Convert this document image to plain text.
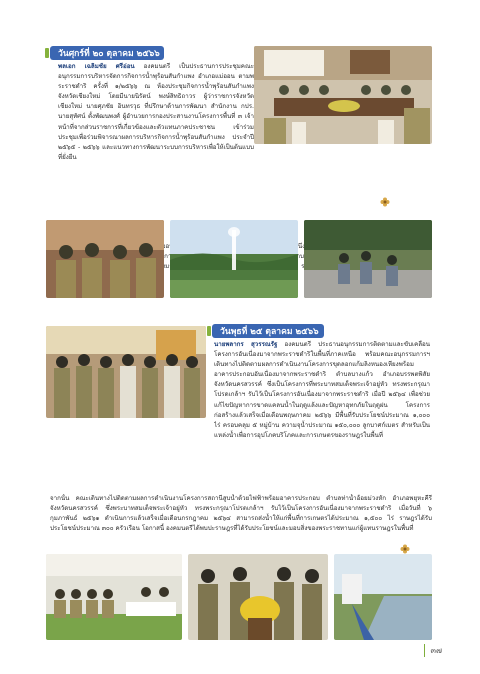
วันศุกร์ที่ ๒๐ ตุลาคม ๒๕๖๖
พลเอก เฉลิมชัย ศรีอ่อน องคมนตรี เป็นประธานการประชุมคณะอนุกรรมการบริหารจัดการกิจการน้ำพุร้อนสันกำแพง อำเภอแม่ออน ตามพระราชดำริ ครั้งที่ ๑/๒๕๖๖ ณ ห้องประชุมกิจการน้ำพุร้อนสันกำแพง จังหวัดเชียงใหม่ โดยมีนายนิรัตน์ พงษ์สิทธิถาวร ผู้ว่าราชการจังหวัดเชียงใหม่ นายศุภชัย อินทรวุธ ที่ปรึกษาด้านการพัฒนา สำนักงาน กปร. นายสุทัศน์ ตั้งพัฒนพงศ์ ผู้อำนวยการกองประสานงานโครงการพื้นที่ ๓ เจ้าหน้าที่จากส่วนราชการที่เกี่ยวข้องและตัวแทนภาคประชาชน เข้าร่วมประชุมเพื่อร่วมพิจารณาผลการบริหารกิจการน้ำพุร้อนสันกำแพง ประจำปี ๒๕๖๕ - ๒๕๖๖ และแนวทางการพัฒนาระบบการบริหารเพื่อให้เป็นต้นแบบที่ยั่งยืน
วันพุธที่ ๒๕ ตุลาคม ๒๕๖๖
นายพลากร สุวรรณรัฐ องคมนตรี ประธานอนุกรรมการติดตามและขับเคลื่อนโครงการอันเนื่องมาจากพระราชดำริในพื้นที่ภาคเหนือ พร้อมคณะอนุกรรมการฯ เดินทางไปติดตามผลการดำเนินงานโครงการขุดลอกแก้มลิงหนองเหียงพร้อมอาคารประกอบอันเนื่องมาจากพระราชดำริ ตำบลบางแก้ว อำเภอบรรพตพิสัย จังหวัดนครสวรรค์ ซึ่งเป็นโครงการที่พระบาทสมเด็จพระเจ้าอยู่หัว ทรงพระกรุณาโปรดเกล้าฯ รับไว้เป็นโครงการอันเนื่องมาจากพระราชดำริ เมื่อปี ๒๕๖๔ เพื่อช่วยแก้ไขปัญหาการขาดแคลนน้ำในฤดูแล้งและปัญหาอุทกภัยในฤดูฝน โครงการก่อสร้างแล้วเสร็จเมื่อเดือนพฤษภาคม ๒๕๖๖ มีพื้นที่รับประโยชน์ประมาณ ๑,๐๐๐ ไร่ ครอบคลุม ๕ หมู่บ้าน ความจุน้ำประมาณ ๑๕๐,๐๐๐ ลูกบาศก์เมตร สำหรับเป็นแหล่งน้ำเพื่อการอุปโภคบริโภคและการเกษตรของราษฎรในพื้นที่
จากนั้น คณะเดินทางไปติดตามผลการดำเนินงานโครงการสถานีสูบน้ำด้วยไฟฟ้าพร้อมอาคารประกอบ ตำบลท่าน้ำอ้อยม่วงหัก อำเภอพยุหะคีรี จังหวัดนครสวรรค์ ซึ่งพระบาทสมเด็จพระเจ้าอยู่หัว ทรงพระกรุณาโปรดเกล้าฯ รับไว้เป็นโครงการอันเนื่องมาจากพระราชดำริ เมื่อวันที่ ๖ กุมภาพันธ์ ๒๕๖๑ ดำเนินการแล้วเสร็จเมื่อเดือนกรกฎาคม ๒๕๖๔ สามารถส่งน้ำให้แก่พื้นที่การเกษตรได้ประมาณ ๑,๕๐๐ ไร่ ราษฎรได้รับประโยชน์ประมาณ ๓๐๐ ครัวเรือน โอกาสนี้ องคมนตรีได้พบปะราษฎรที่ได้รับประโยชน์และมอบสิ่งของพระราชทานแก่ผู้แทนราษฎรในพื้นที่
๓๗
